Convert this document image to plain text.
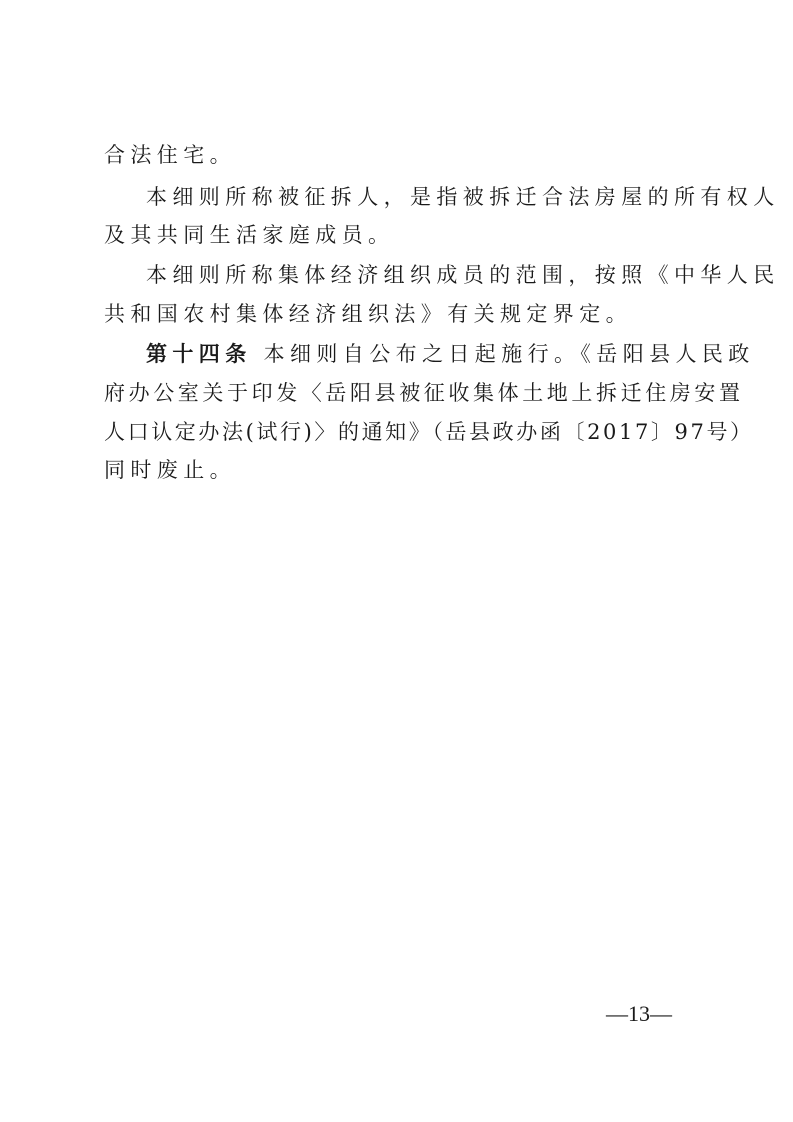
合法住宅。
本细则所称被征拆人，是指被拆迁合法房屋的所有权人
及其共同生活家庭成员。
本细则所称集体经济组织成员的范围，按照《中华人民
共和国农村集体经济组织法》有关规定界定。
第十四条 本细则自公布之日起施行。《岳阳县人民政
府办公室关于印发〈岳阳县被征收集体土地上拆迁住房安置
人口认定办法(试行)〉的通知》（岳县政办函〔2017〕97号）
同时废止。
—13—
